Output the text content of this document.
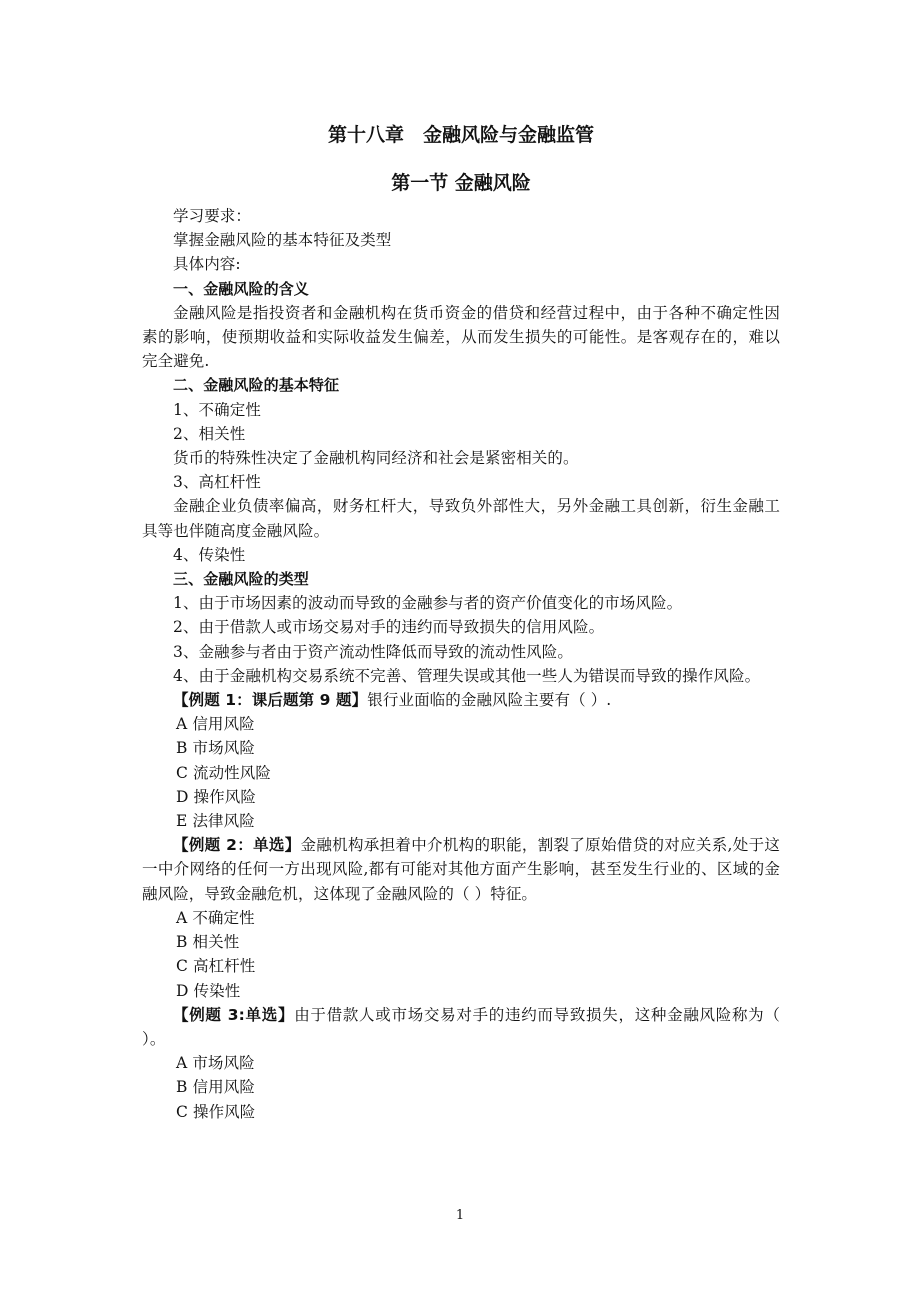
第十八章　金融风险与金融监管
第一节 金融风险

学习要求：

掌握金融风险的基本特征及类型

具体内容:

一、金融风险的含义

金融风险是指投资者和金融机构在货币资金的借贷和经营过程中，由于各种不确定性因素的影响，使预期收益和实际收益发生偏差，从而发生损失的可能性。是客观存在的，难以完全避免.

二、金融风险的基本特征

1、不确定性

2、相关性

货币的特殊性决定了金融机构同经济和社会是紧密相关的。

3、高杠杆性

金融企业负债率偏高，财务杠杆大，导致负外部性大，另外金融工具创新，衍生金融工具等也伴随高度金融风险。

4、传染性

三、金融风险的类型

1、由于市场因素的波动而导致的金融参与者的资产价值变化的市场风险。

2、由于借款人或市场交易对手的违约而导致损失的信用风险。

3、金融参与者由于资产流动性降低而导致的流动性风险。

4、由于金融机构交易系统不完善、管理失误或其他一些人为错误而导致的操作风险。

【例题 1：课后题第 9 题】银行业面临的金融风险主要有（ ）.

A 信用风险

B 市场风险

C 流动性风险

D 操作风险

E 法律风险

【例题 2：单选】金融机构承担着中介机构的职能，割裂了原始借贷的对应关系,处于这一中介网络的任何一方出现风险,都有可能对其他方面产生影响，甚至发生行业的、区域的金融风险，导致金融危机，这体现了金融风险的（ ）特征。

A 不确定性

B 相关性

C 高杠杆性

D 传染性

【例题 3:单选】由于借款人或市场交易对手的违约而导致损失，这种金融风险称为（ ）。

A 市场风险

B 信用风险

C 操作风险

1
